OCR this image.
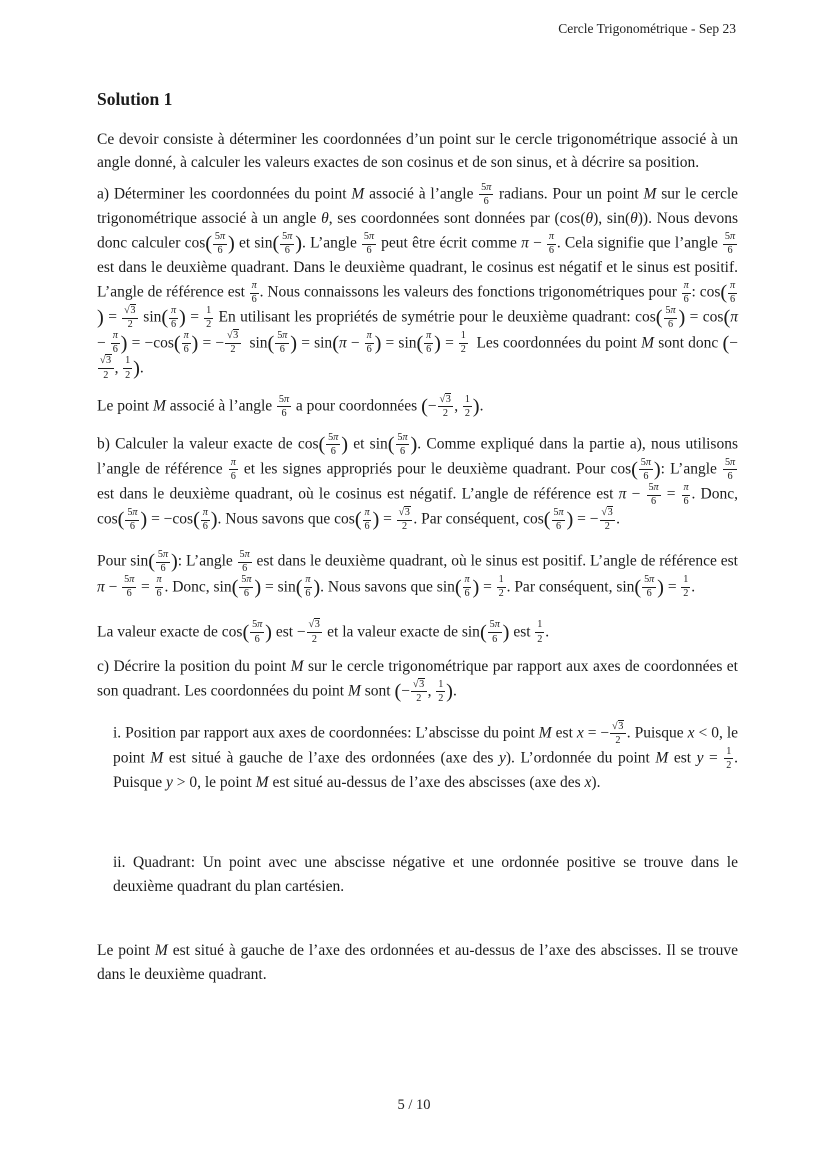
Cercle Trigonométrique - Sep 23
Solution 1

Ce devoir consiste à déterminer les coordonnées d’un point sur le cercle trigonométrique associé à un angle donné, à calculer les valeurs exactes de son cosinus et de son sinus, et à décrire sa position.

a) Déterminer les coordonnées du point M associé à l’angle $\frac{5\pi}{6}$ radians. Pour un point M sur le cercle trigonométrique associé à un angle θ, ses coordonnées sont données par (cos(θ), sin(θ)). Nous devons donc calculer $\cos( \frac{5\pi}{6}$ ) et $\sin( \frac{5\pi}{6}$ ). L’angle $\frac{5\pi}{6}$ peut être écrit comme $\pi - \frac{\pi}{6}$ . Cela signifie que l’angle $\frac{5\pi}{6}$
est dans le deuxième quadrant. Dans le deuxième quadrant, le cosinus est négatif et le sinus est positif. L’angle de référence est $\frac{\pi}{6}$ . Nous connaissons les valeurs des fonctions trigonométriques pour $\frac{\pi}{6}$ : $\cos( \frac{\pi}{6}$
) = $\frac{√3}{2} \sin( \frac{\pi}{6}$ ) = $\frac{1}{2}$ En utilisant les propriétés de symétrie pour le deuxième quadrant: $\cos( \frac{5\pi}{6}$ ) = $\cos(\pi - \frac{\pi}{6}$ ) = $-\cos( \frac{\pi}{6}$ ) = − $\frac{√3}{2}$  $\sin( \frac{5\pi}{6}$ ) = $\sin(\pi - \frac{\pi}{6}$ ) = $\sin( \frac{\pi}{6}$ ) = $\frac{1}{2}$  Les coordonnées du point M sont donc (−
$\frac{√3}{2}$ , $\frac{1}{2}$ ).

Le point M associé à l’angle $\frac{5\pi}{6}$ a pour coordonnées (− $\frac{√3}{2}$ , $\frac{1}{2}$ ).

b) Calculer la valeur exacte de $\cos( \frac{5\pi}{6}$ ) et $\sin( \frac{5\pi}{6}$ ). Comme expliqué dans la partie a), nous utilisons l’angle de référence $\frac{\pi}{6}$ et les signes appropriés pour le deuxième quadrant. Pour $\cos( \frac{5\pi}{6}$ ): L’angle $\frac{5\pi}{6}$
est dans le deuxième quadrant, où le cosinus est négatif. L’angle de référence est $\pi - \frac{5\pi}{6} = \frac{\pi}{6}$ . Donc, $\cos( \frac{5\pi}{6}$ ) = $-\cos( \frac{\pi}{6}$ ). Nous savons que $\cos( \frac{\pi}{6}$ ) = $\frac{√3}{2}$ . Par conséquent, $\cos( \frac{5\pi}{6}$ ) = − $\frac{√3}{2}$ .

Pour $\sin( \frac{5\pi}{6}$ ): L’angle $\frac{5\pi}{6}$ est dans le deuxième quadrant, où le sinus est positif. L’angle de référence est $\pi - \frac{5\pi}{6} = \frac{\pi}{6}$ . Donc, $\sin( \frac{5\pi}{6}$ ) = $\sin( \frac{\pi}{6}$ ). Nous savons que $\sin( \frac{\pi}{6}$ ) = $\frac{1}{2}$ . Par conséquent, $\sin( \frac{5\pi}{6}$ ) = $\frac{1}{2}$ .

La valeur exacte de $\cos( \frac{5\pi}{6}$ ) est − $\frac{√3}{2}$ et la valeur exacte de $\sin( \frac{5\pi}{6}$ ) est $\frac{1}{2}$ .

c) Décrire la position du point M sur le cercle trigonométrique par rapport aux axes de coordonnées et son quadrant. Les coordonnées du point M sont (− $\frac{√3}{2}$ , $\frac{1}{2}$ ).

i. Position par rapport aux axes de coordonnées: L’abscisse du point M est x = − $\frac{√3}{2}$ . Puisque x < 0, le point M est situé à gauche de l’axe des ordonnées (axe des y). L’ordonnée du point M est $y = \frac{1}{2}$ . Puisque y > 0, le point M est situé au-dessus de l’axe des abscisses (axe des x).

ii. Quadrant: Un point avec une abscisse négative et une ordonnée positive se trouve dans le deuxième quadrant du plan cartésien.

Le point M est situé à gauche de l’axe des ordonnées et au-dessus de l’axe des abscisses. Il se trouve dans le deuxième quadrant.

5 / 10
